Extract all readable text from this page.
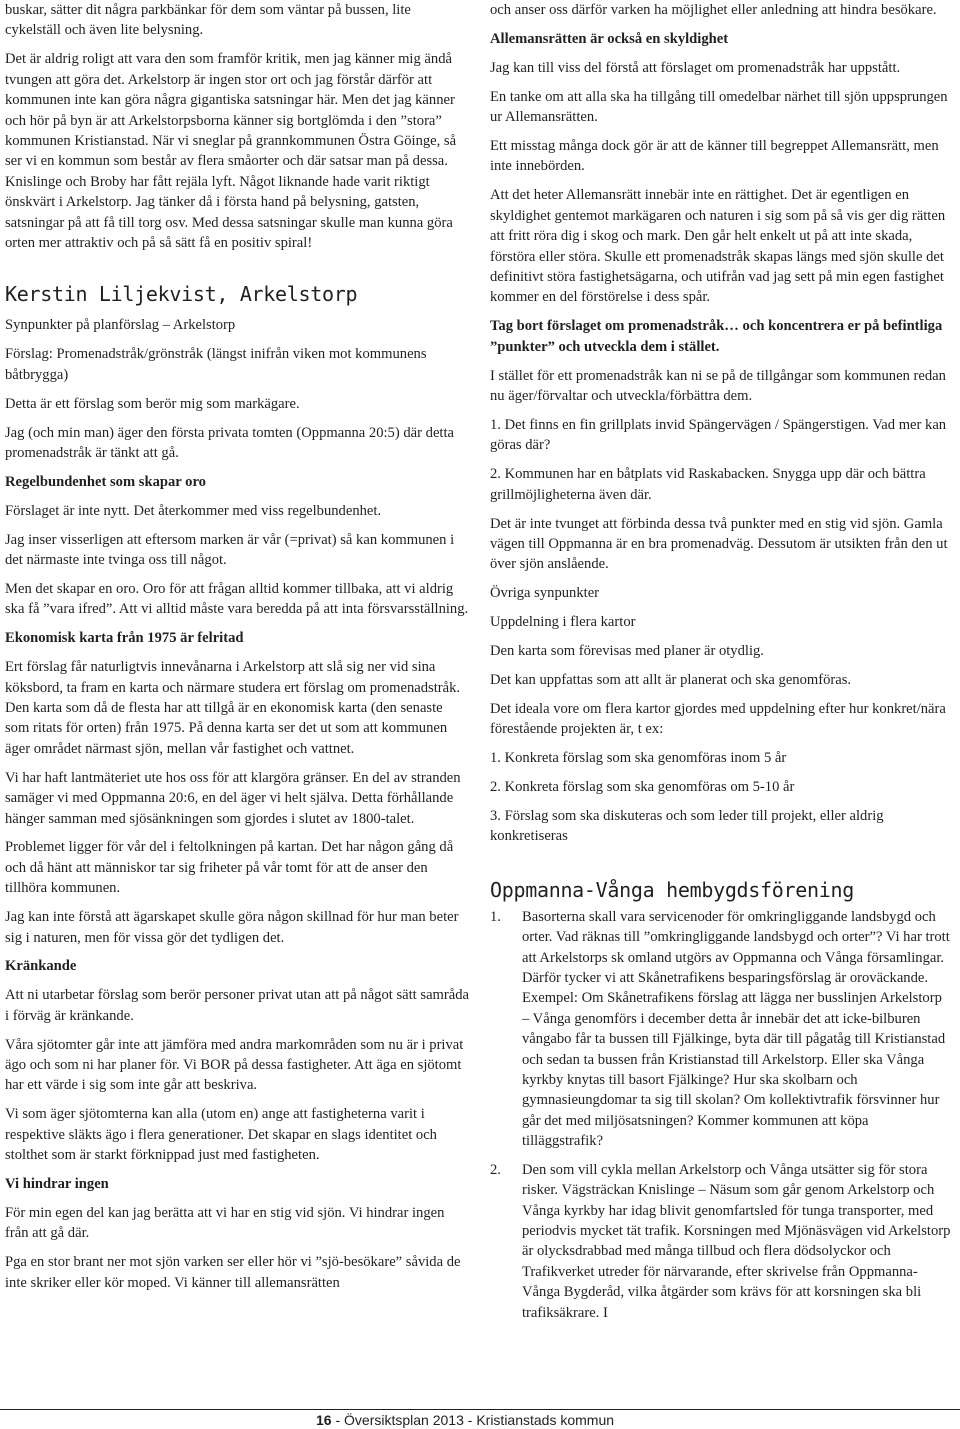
buskar, sätter dit några parkbänkar för dem som väntar på bussen, lite cykelställ och även lite belysning.

Det är aldrig roligt att vara den som framför kritik, men jag känner mig ändå tvungen att göra det. Arkelstorp är ingen stor ort och jag förstår därför att kommunen inte kan göra några gigantiska satsningar här. Men det jag känner och hör på byn är att Arkelstorpsborna känner sig bortglömda i den ”stora” kommunen Kristianstad. När vi sneglar på grannkommunen Östra Göinge, så ser vi en kommun som består av flera småorter och där satsar man på dessa. Knislinge och Broby har fått rejäla lyft. Något liknande hade varit riktigt önskvärt i Arkelstorp. Jag tänker då i första hand på belysning, gatsten, satsningar på att få till torg osv. Med dessa satsningar skulle man kunna göra orten mer attraktiv och på så sätt få en positiv spiral!

Kerstin Liljekvist, Arkelstorp

Synpunkter på planförslag – Arkelstorp

Förslag: Promenadstråk/grönstråk (längst inifrån viken mot kommunens båtbrygga)

Detta är ett förslag som berör mig som markägare.

Jag (och min man) äger den första privata tomten (Oppmanna 20:5) där detta promenadstråk är tänkt att gå.

Regelbundenhet som skapar oro

Förslaget är inte nytt. Det återkommer med viss regelbundenhet.

Jag inser visserligen att eftersom marken är vår (=privat) så kan kommunen i det närmaste inte tvinga oss till något.

Men det skapar en oro. Oro för att frågan alltid kommer tillbaka, att vi aldrig ska få ”vara ifred”. Att vi alltid måste vara beredda på att inta försvarsställning.

Ekonomisk karta från 1975 är felritad

Ert förslag får naturligtvis innevånarna i Arkelstorp att slå sig ner vid sina köksbord, ta fram en karta och närmare studera ert förslag om promenadstråk. Den karta som då de flesta har att tillgå är en ekonomisk karta (den senaste som ritats för orten) från 1975. På denna karta ser det ut som att kommunen äger området närmast sjön, mellan vår fastighet och vattnet.

Vi har haft lantmäteriet ute hos oss för att klargöra gränser. En del av stranden samäger vi med Oppmanna 20:6, en del äger vi helt själva. Detta förhållande hänger samman med sjösänkningen som gjordes i slutet av 1800-talet.

Problemet ligger för vår del i feltolkningen på kartan. Det har någon gång då och då hänt att människor tar sig friheter på vår tomt för att de anser den tillhöra kommunen.

Jag kan inte förstå att ägarskapet skulle göra någon skillnad för hur man beter sig i naturen, men för vissa gör det tydligen det.

Kränkande

Att ni utarbetar förslag som berör personer privat utan att på något sätt samråda i förväg är kränkande.

Våra sjötomter går inte att jämföra med andra markområden som nu är i privat ägo och som ni har planer för. Vi BOR på dessa fastigheter. Att äga en sjötomt har ett värde i sig som inte går att beskriva.

Vi som äger sjötomterna kan alla (utom en) ange att fastigheterna varit i respektive släkts ägo i flera generationer. Det skapar en slags identitet och stolthet som är starkt förknippad just med fastigheten.

Vi hindrar ingen

För min egen del kan jag berätta att vi har en stig vid sjön. Vi hindrar ingen från att gå där.

Pga en stor brant ner mot sjön varken ser eller hör vi ”sjö-besökare” såvida de inte skriker eller kör moped. Vi känner till allemansrätten

och anser oss därför varken ha möjlighet eller anledning att hindra besökare.

Allemansrätten är också en skyldighet

Jag kan till viss del förstå att förslaget om promenadstråk har uppstått.

En tanke om att alla ska ha tillgång till omedelbar närhet till sjön uppsprungen ur Allemansrätten.

Ett misstag många dock gör är att de känner till begreppet Allemansrätt, men inte innebörden.

Att det heter Allemansrätt innebär inte en rättighet. Det är egentligen en skyldighet gentemot markägaren och naturen i sig som på så vis ger dig rätten att fritt röra dig i skog och mark. Den går helt enkelt ut på att inte skada, förstöra eller störa. Skulle ett promenadstråk skapas längs med sjön skulle det definitivt störa fastighetsägarna, och utifrån vad jag sett på min egen fastighet kommer en del förstörelse i dess spår.

Tag bort förslaget om promenadstråk… och koncentrera er på befintliga ”punkter” och utveckla dem i stället.

I stället för ett promenadstråk kan ni se på de tillgångar som kommunen redan nu äger/förvaltar och utveckla/förbättra dem.

1. Det finns en fin grillplats invid Spängervägen / Spängerstigen. Vad mer kan göras där?

2. Kommunen har en båtplats vid Raskabacken. Snygga upp där och bättra grillmöjligheterna även där.

Det är inte tvunget att förbinda dessa två punkter med en stig vid sjön. Gamla vägen till Oppmanna är en bra promenadväg. Dessutom är utsikten från den ut över sjön anslående.

Övriga synpunkter

Uppdelning i flera kartor

Den karta som förevisas med planer är otydlig.

Det kan uppfattas som att allt är planerat och ska genomföras.

Det ideala vore om flera kartor gjordes med uppdelning efter hur konkret/nära förestående projekten är, t ex:

1. Konkreta förslag som ska genomföras inom 5 år

2. Konkreta förslag som ska genomföras om 5-10 år

3. Förslag som ska diskuteras och som leder till projekt, eller aldrig konkretiseras

Oppmanna-Vånga hembygdsförening
1. Basorterna skall vara servicenoder för omkringliggande landsbygd och orter. Vad räknas till ”omkringliggande landsbygd och orter”? Vi har trott att Arkelstorps sk omland utgörs av Oppmanna och Vånga församlingar. Därför tycker vi att Skånetrafikens besparingsförslag är oroväckande. Exempel: Om Skånetrafikens förslag att lägga ner busslinjen Arkelstorp – Vånga genomförs i december detta år innebär det att icke-bilburen vångabo får ta bussen till Fjälkinge, byta där till pågatåg till Kristianstad och sedan ta bussen från Kristianstad till Arkelstorp. Eller ska Vånga kyrkby knytas till basort Fjälkinge? Hur ska skolbarn och gymnasieungdomar ta sig till skolan? Om kollektivtrafik försvinner hur går det med miljösatsningen? Kommer kommunen att köpa tilläggstrafik?
2. Den som vill cykla mellan Arkelstorp och Vånga utsätter sig för stora risker. Vägsträckan Knislinge – Näsum som går genom Arkelstorp och Vånga kyrkby har idag blivit genomfartsled för tunga transporter, med periodvis mycket tät trafik. Korsningen med Mjönäsvägen vid Arkelstorp är olycksdrabbad med många tillbud och flera dödsolyckor och Trafikverket utreder för närvarande, efter skrivelse från Oppmanna-Vånga Bygderåd, vilka åtgärder som krävs för att korsningen ska bli trafiksäkrare. I
16 - Översiktsplan 2013 - Kristianstads kommun
